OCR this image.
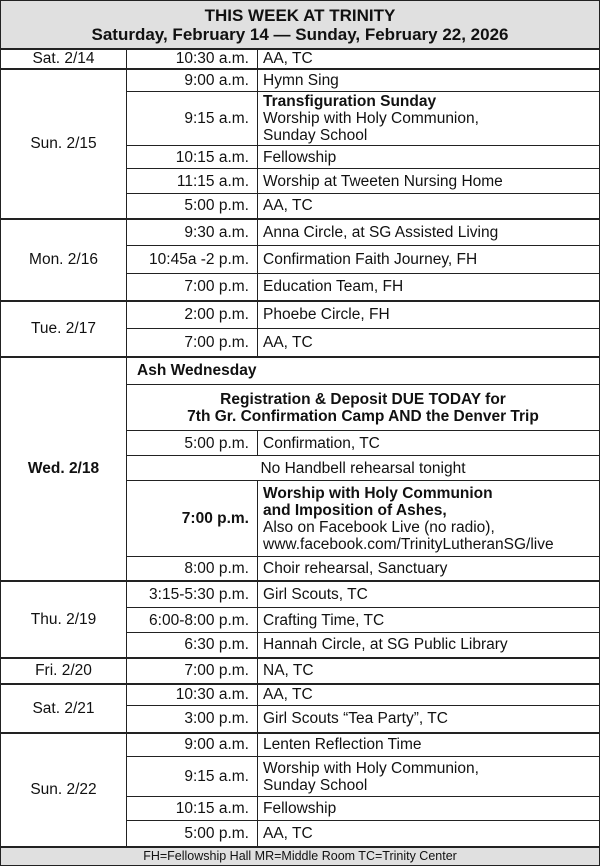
THIS WEEK AT TRINITY
Saturday, February 14 — Sunday, February 22, 2026		

Sat. 2/14	10:30 a.m.	AA, TC
Sun. 2/15	9:00 a.m.	Hymn Sing
	9:15 a.m.	Transfiguration Sunday
Worship with Holy Communion,
Sunday School

	10:15 a.m.	Fellowship
	11:15 a.m.	Worship at Tweeten Nursing Home
	5:00 p.m.	AA, TC
Mon. 2/16	9:30 a.m.	Anna Circle, at SG Assisted Living
	10:45a -2 p.m.	Confirmation Faith Journey, FH
	7:00 p.m.	Education Team, FH
Tue. 2/17	2:00 p.m.	Phoebe Circle, FH
	7:00 p.m.	AA, TC
Wed. 2/18	Ash Wednesday	

	Registration & Deposit DUE TODAY for
7th Gr. Confirmation Camp AND the Denver Trip	

	5:00 p.m.	Confirmation, TC
	No Handbell rehearsal tonight	
	7:00 p.m.	Worship with Holy Communion
and Imposition of Ashes,
Also on Facebook Live (no radio),
www.facebook.com/TrinityLutheranSG/live

	8:00 p.m.	Choir rehearsal, Sanctuary
Thu. 2/19	3:15-5:30 p.m.	Girl Scouts, TC
	6:00-8:00 p.m.	Crafting Time, TC
	6:30 p.m.	Hannah Circle, at SG Public Library
Fri. 2/20	7:00 p.m.	NA, TC
Sat. 2/21	10:30 a.m.	AA, TC
	3:00 p.m.	Girl Scouts “Tea Party”, TC
Sun. 2/22	9:00 a.m.	Lenten Reflection Time
	9:15 a.m.	Worship with Holy Communion,
Sunday School

	10:15 a.m.	Fellowship
	5:00 p.m.	AA, TC
FH=Fellowship Hall MR=Middle Room TC=Trinity Center		
